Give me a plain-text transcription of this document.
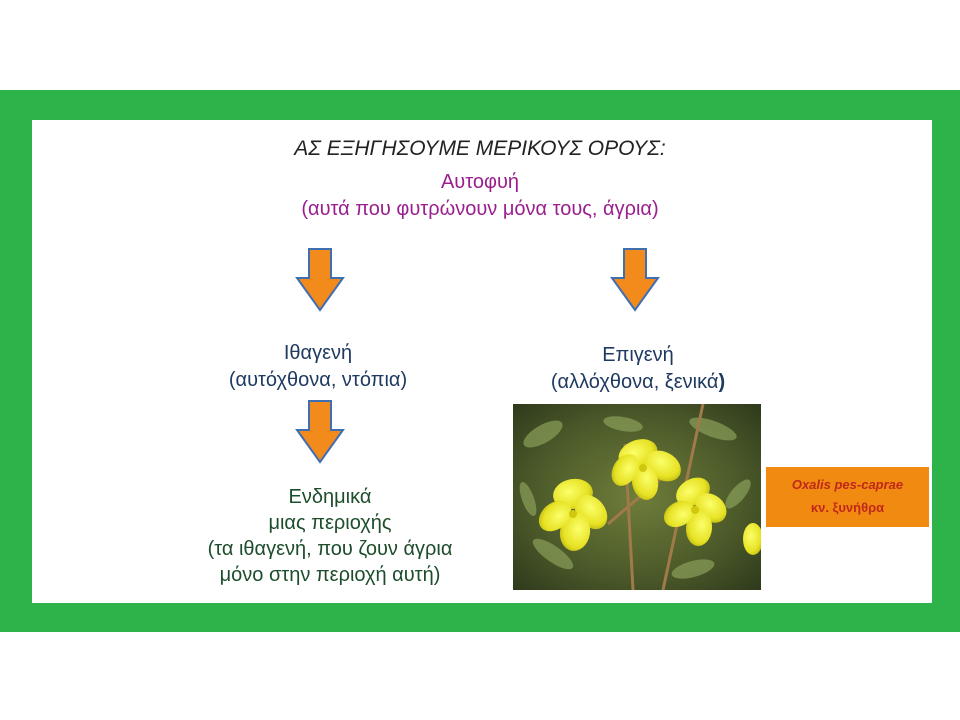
ΑΣ ΕΞΗΓΗΣΟΥΜΕ ΜΕΡΙΚΟΥΣ ΟΡΟΥΣ:
Αυτοφυή
(αυτά που φυτρώνουν μόνα τους, άγρια)
Ιθαγενή
(αυτόχθονα, ντόπια)
Επιγενή
(αλλόχθονα, ξενικά)
Ενδημικά
μιας περιοχής
(τα ιθαγενή, που ζουν άγρια
μόνο στην περιοχή αυτή)
Oxalis pes-caprae
κν. ξυνήθρα
